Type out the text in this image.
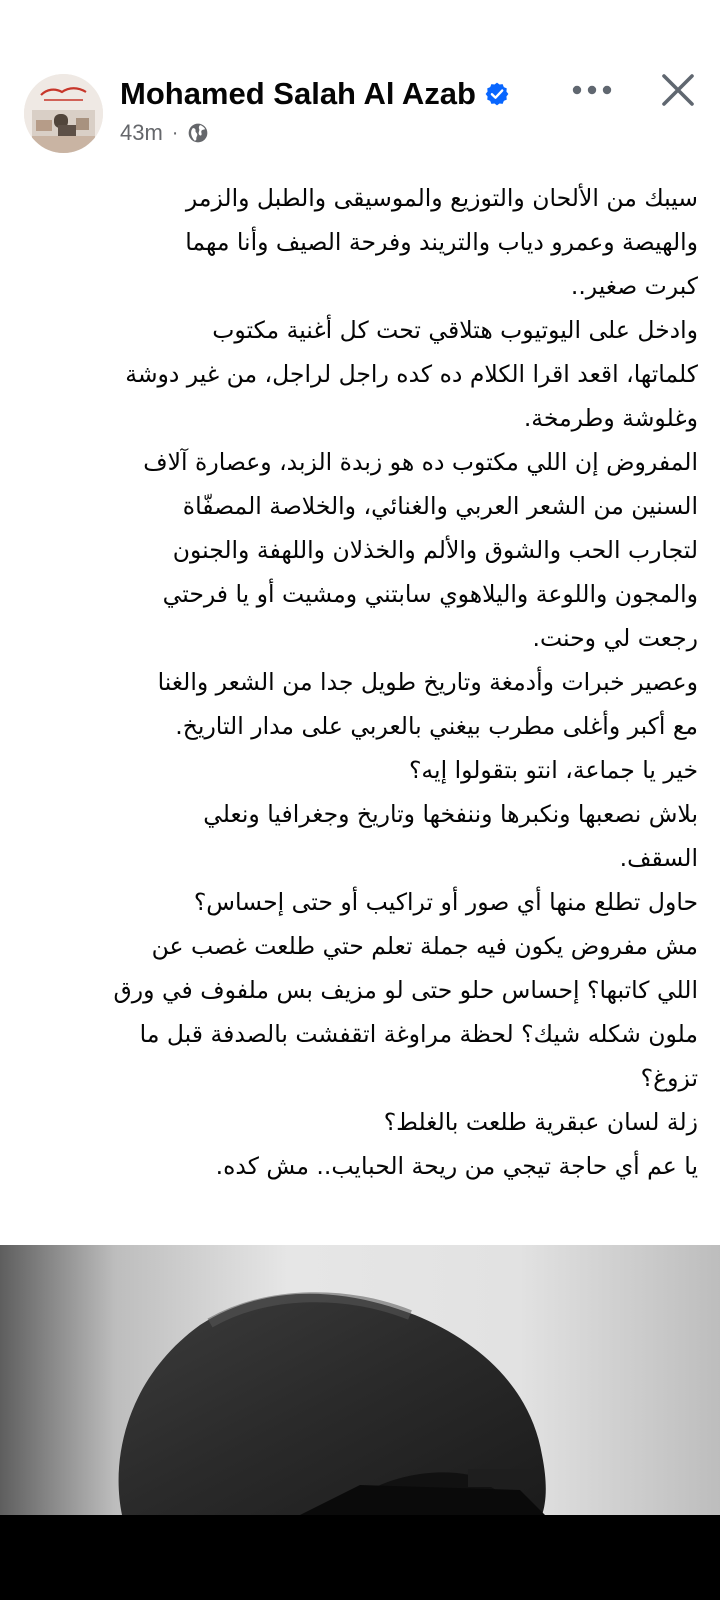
Mohamed Salah Al Azab
43m ·
سيبك من الألحان والتوزيع والموسيقى والطبل والزمر
والهيصة وعمرو دياب والتريند وفرحة الصيف وأنا مهما
كبرت صغير..
وادخل على اليوتيوب هتلاقي تحت كل أغنية مكتوب
كلماتها، اقعد اقرا الكلام ده كده راجل لراجل، من غير دوشة
وغلوشة وطرمخة.
المفروض إن اللي مكتوب ده هو زبدة الزبد، وعصارة آلاف
السنين من الشعر العربي والغنائي، والخلاصة المصفّاة
لتجارب الحب والشوق والألم والخذلان واللهفة والجنون
والمجون واللوعة واليلاهوي سابتني ومشيت أو يا فرحتي
رجعت لي وحنت.
وعصير خبرات وأدمغة وتاريخ طويل جدا من الشعر والغنا
مع أكبر وأغلى مطرب بيغني بالعربي على مدار التاريخ.
خير يا جماعة، انتو بتقولوا إيه؟
بلاش نصعبها ونكبرها وننفخها وتاريخ وجغرافيا ونعلي
السقف.
حاول تطلع منها أي صور أو تراكيب أو حتى إحساس؟
مش مفروض يكون فيه جملة تعلم حتي طلعت غصب عن
اللي كاتبها؟ إحساس حلو حتى لو مزيف بس ملفوف في ورق
ملون شكله شيك؟ لحظة مراوغة اتقفشت بالصدفة قبل ما
تزوغ؟
زلة لسان عبقرية طلعت بالغلط؟
يا عم أي حاجة تيجي من ريحة الحبايب.. مش كده.
